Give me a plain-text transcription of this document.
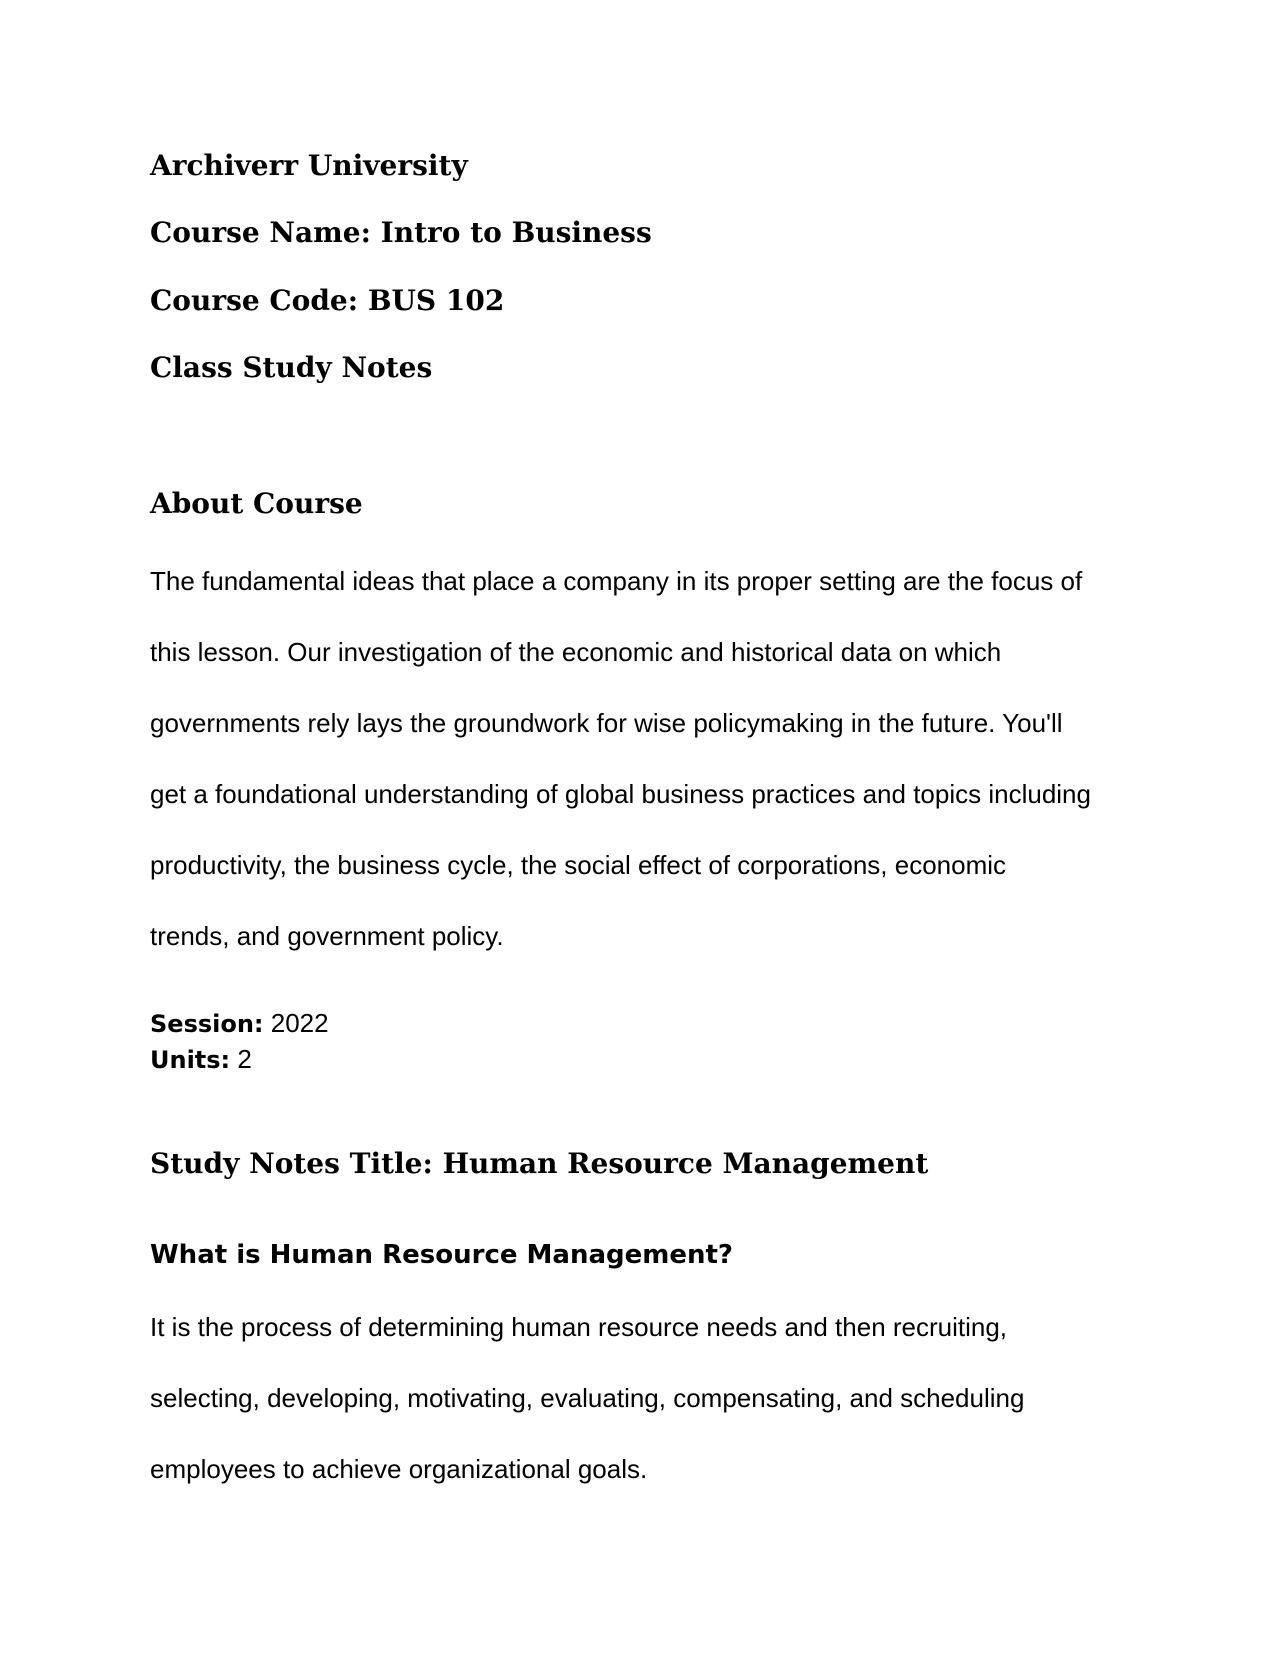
Archiverr University
Course Name: Intro to Business
Course Code: BUS 102
Class Study Notes
About Course
The fundamental ideas that place a company in its proper setting are the focus of
this lesson. Our investigation of the economic and historical data on which
governments rely lays the groundwork for wise policymaking in the future. You'll
get a foundational understanding of global business practices and topics including
productivity, the business cycle, the social effect of corporations, economic
trends, and government policy.
Session: 2022
Units: 2
Study Notes Title: Human Resource Management
What is Human Resource Management?
It is the process of determining human resource needs and then recruiting,
selecting, developing, motivating, evaluating, compensating, and scheduling
employees to achieve organizational goals.
